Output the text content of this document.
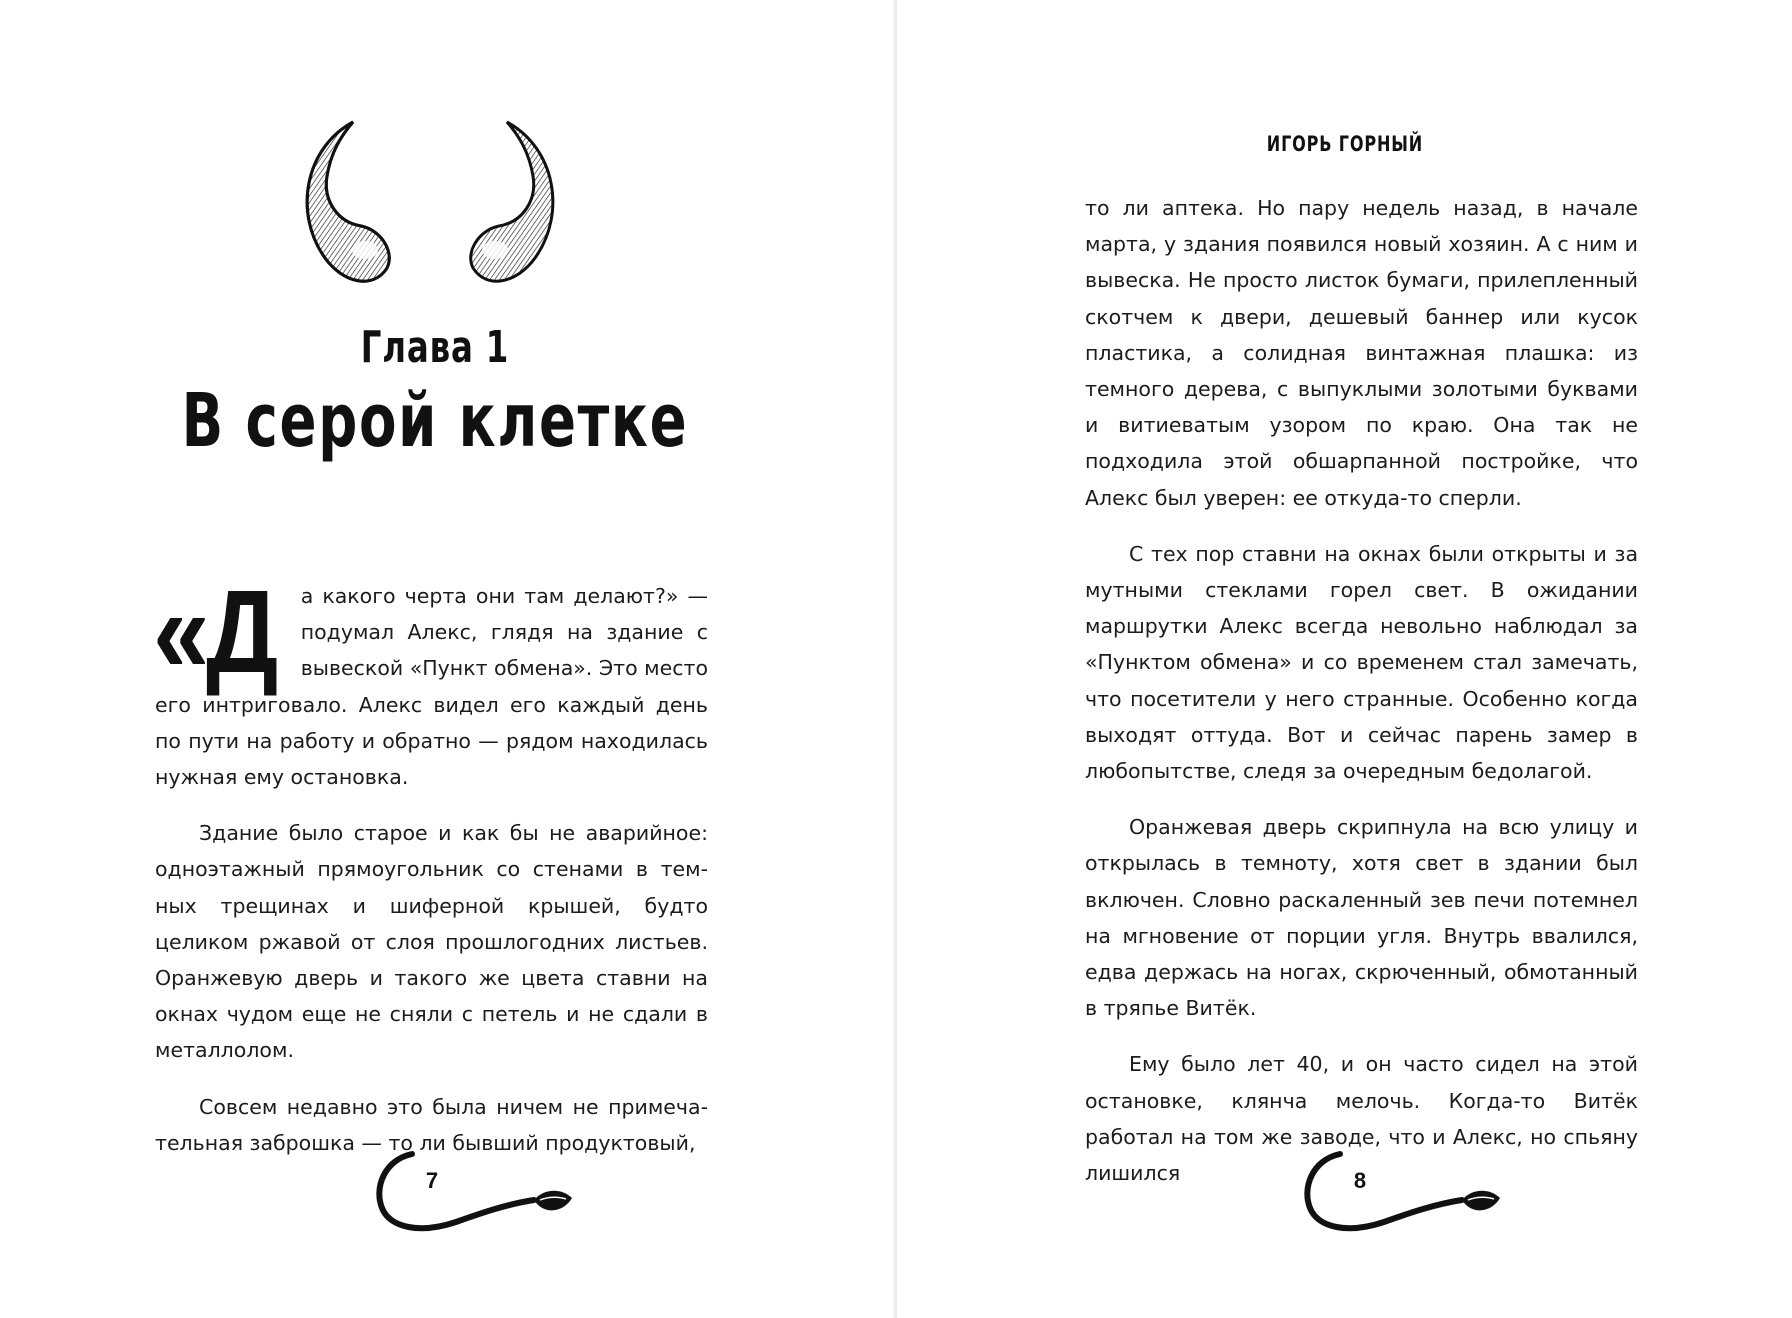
Глава 1
В серой клетке

«Д а какого черта они там делают?» — подумал Алекс, глядя на здание с вывеской «Пункт обмена». Это место его интриговало. Алекс видел его каждый день по пути на работу и обратно — рядом находилась нужная ему остановка.

Здание было старое и как бы не аварийное: одноэтажный прямоугольник со стенами в темных трещинах и шиферной крышей, будто целиком ржавой от слоя прошлогодних листьев. Оранжевую дверь и такого же цвета ставни на окнах чудом еще не сняли с петель и не сдали в металлолом.

Совсем недавно это была ничем не примечательная заброшка — то ли бывший продуктовый,

7
ИГОРЬ ГОРНЫЙ

то ли аптека. Но пару недель назад, в начале марта, у здания появился новый хозяин. А с ним и вывеска. Не просто листок бумаги, прилепленный скотчем к двери, дешевый баннер или кусок пластика, а солидная винтажная плашка: из темного дерева, с выпуклыми золотыми буквами и витиеватым узором по краю. Она так не подходила этой обшарпанной постройке, что Алекс был уверен: ее откуда-то сперли.

С тех пор ставни на окнах были открыты и за мутными стеклами горел свет. В ожидании маршрутки Алекс всегда невольно наблюдал за «Пунктом обмена» и со временем стал замечать, что посетители у него странные. Особенно когда выходят оттуда. Вот и сейчас парень замер в любопытстве, следя за очередным бедолагой.

Оранжевая дверь скрипнула на всю улицу и открылась в темноту, хотя свет в здании был включен. Словно раскаленный зев печи потемнел на мгновение от порции угля. Внутрь ввалился, едва держась на ногах, скрюченный, обмотанный в тряпье Витёк.

Ему было лет 40, и он часто сидел на этой остановке, клянча мелочь. Когда-то Витёк работал на том же заводе, что и Алекс, но спьяну лишился	8
